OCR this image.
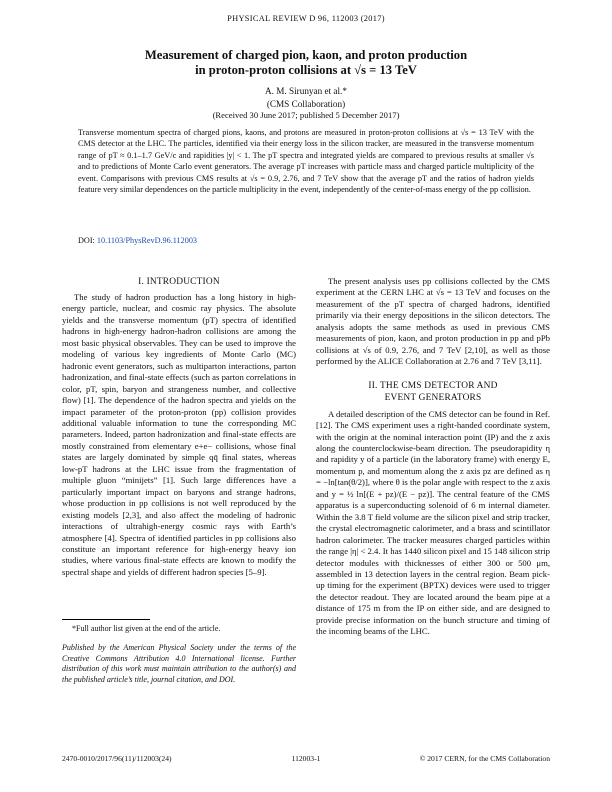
PHYSICAL REVIEW D 96, 112003 (2017)
Measurement of charged pion, kaon, and proton production
in proton-proton collisions at √s = 13 TeV
A. M. Sirunyan et al.*
(CMS Collaboration)
(Received 30 June 2017; published 5 December 2017)
Transverse momentum spectra of charged pions, kaons, and protons are measured in proton-proton collisions at √s = 13 TeV with the CMS detector at the LHC. The particles, identified via their energy loss in the silicon tracker, are measured in the transverse momentum range of pT ≈ 0.1–1.7 GeV/c and rapidities |y| < 1. The pT spectra and integrated yields are compared to previous results at smaller √s and to predictions of Monte Carlo event generators. The average pT increases with particle mass and charged particle multiplicity of the event. Comparisons with previous CMS results at √s = 0.9, 2.76, and 7 TeV show that the average pT and the ratios of hadron yields feature very similar dependences on the particle multiplicity in the event, independently of the center-of-mass energy of the pp collision.
DOI: 10.1103/PhysRevD.96.112003
I. INTRODUCTION

The study of hadron production has a long history in high-energy particle, nuclear, and cosmic ray physics. The absolute yields and the transverse momentum (pT) spectra of identified hadrons in high-energy hadron-hadron collisions are among the most basic physical observables. They can be used to improve the modeling of various key ingredients of Monte Carlo (MC) hadronic event generators, such as multiparton interactions, parton hadronization, and final-state effects (such as parton correlations in color, pT, spin, baryon and strangeness number, and collective flow) [1]. The dependence of the hadron spectra and yields on the impact parameter of the proton-proton (pp) collision provides additional valuable information to tune the corresponding MC parameters. Indeed, parton hadronization and final-state effects are mostly constrained from elementary e+e− collisions, whose final states are largely dominated by simple qq̄ final states, whereas low-pT hadrons at the LHC issue from the fragmentation of multiple gluon “minijets” [1]. Such large differences have a particularly important impact on baryons and strange hadrons, whose production in pp collisions is not well reproduced by the existing models [2,3], and also affect the modeling of hadronic interactions of ultrahigh-energy cosmic rays with Earth’s atmosphere [4]. Spectra of identified particles in pp collisions also constitute an important reference for high-energy heavy ion studies, where various final-state effects are known to modify the spectral shape and yields of different hadron species [5–9].

*Full author list given at the end of the article.
Published by the American Physical Society under the terms of the Creative Commons Attribution 4.0 International license. Further distribution of this work must maintain attribution to the author(s) and the published article’s title, journal citation, and DOI.

The present analysis uses pp collisions collected by the CMS experiment at the CERN LHC at √s = 13 TeV and focuses on the measurement of the pT spectra of charged hadrons, identified primarily via their energy depositions in the silicon detectors. The analysis adopts the same methods as used in previous CMS measurements of pion, kaon, and proton production in pp and pPb collisions at √s of 0.9, 2.76, and 7 TeV [2,10], as well as those performed by the ALICE Collaboration at 2.76 and 7 TeV [3,11].

II. THE CMS DETECTOR AND
EVENT GENERATORS

A detailed description of the CMS detector can be found in Ref. [12]. The CMS experiment uses a right-handed coordinate system, with the origin at the nominal interaction point (IP) and the z axis along the counterclockwise-beam direction. The pseudorapidity η and rapidity y of a particle (in the laboratory frame) with energy E, momentum p, and momentum along the z axis pz are defined as η = −ln[tan(θ/2)], where θ is the polar angle with respect to the z axis and y = ½ ln[(E + pz)/(E − pz)]. The central feature of the CMS apparatus is a superconducting solenoid of 6 m internal diameter. Within the 3.8 T field volume are the silicon pixel and strip tracker, the crystal electromagnetic calorimeter, and a brass and scintillator hadron calorimeter. The tracker measures charged particles within the range |η| < 2.4. It has 1440 silicon pixel and 15 148 silicon strip detector modules with thicknesses of either 300 or 500 μm, assembled in 13 detection layers in the central region. Beam pick-up timing for the experiment (BPTX) devices were used to trigger the detector readout. They are located around the beam pipe at a distance of 175 m from the IP on either side, and are designed to provide precise information on the bunch structure and timing of the incoming beams of the LHC.

2470-0010/2017/96(11)/112003(24)	112003-1	© 2017 CERN, for the CMS Collaboration
